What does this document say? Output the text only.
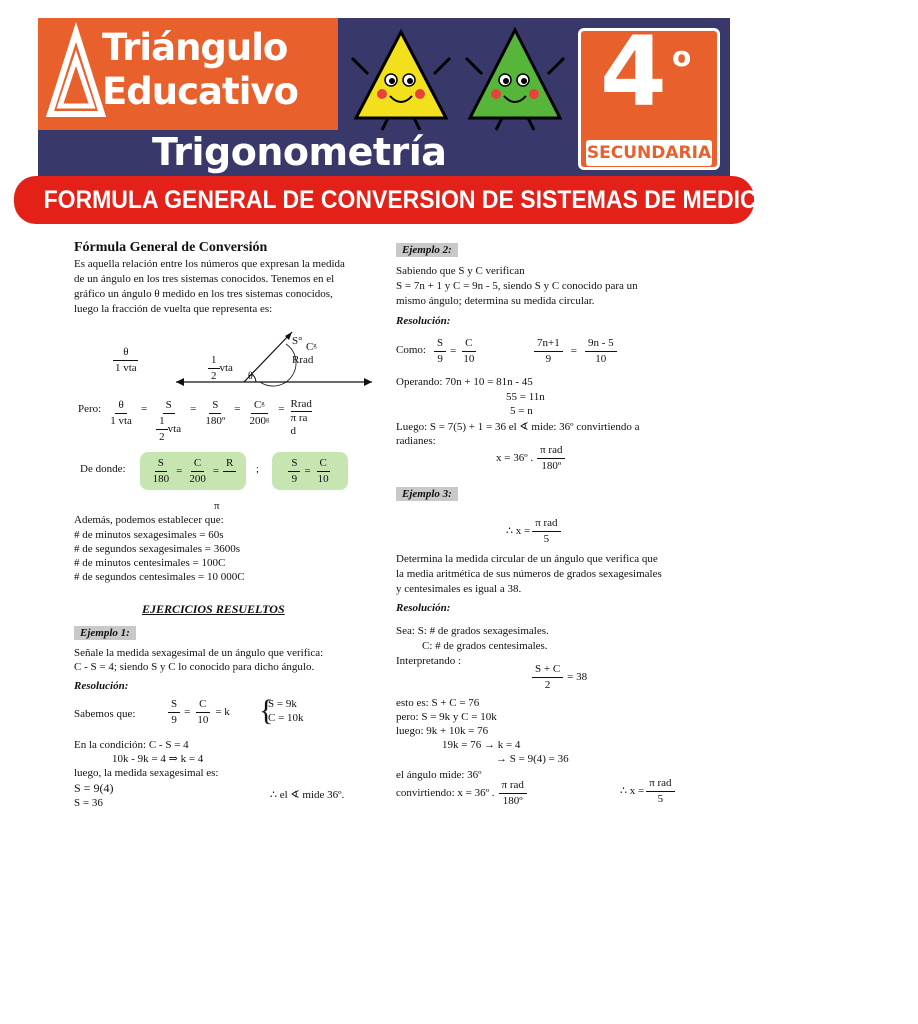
Triángulo
Educativo
Trigonometría
4 o
SECUNDARIA
FORMULA GENERAL DE CONVERSION DE SISTEMAS DE MEDICION ANGULAR
Fórmula General de Conversión
Es aquella relación entre los números que expresan la medida
de un ángulo en los tres sistemas conocidos. Tenemos en el
gráfico un ángulo θ medido en los tres sistemas conocidos,
luego la fracción de vuelta que representa es:
$\frac{\theta}{\text{1 vta}}$	$\frac{1}{2}$ vta
θ
S° Cᵍ
Rrad
Pero: $\frac{\theta}{\text{1 vta}} = \frac{S}{\frac{1}{2} vta} = \frac{S}{\text{180º}} = \frac{\text{Cᵍ}}{\text{200ᵍ}}$ = Rrad
π ra
d
De donde: $\frac{S}{180} = \frac{C}{200}$ =
R

;	$\frac{S}{9} = \frac{C}{10}$
π
Además, podemos establecer que:
# de minutos sexagesimales = 60s
# de segundos sexagesimales = 3600s
# de minutos centesimales = 100C
# de segundos centesimales = 10 000C
EJERCICIOS RESUELTOS
Ejemplo 1:
Señale la medida sexagesimal de un ángulo que verifica:
C - S = 4; siendo S y C lo conocido para dicho ángulo.
Resolución:
Sabemos que:	$\frac{S}{9} = \frac{C}{10} = k$ {
S = 9k
C = 10k
En la condición: C - S = 4
10k - 9k = 4 ⇒ k = 4
luego, la medida sexagesimal es:
S = 9(4)
S = 36
∴ el ∢ mide 36º.
Ejemplo 2:
Sabiendo que S y C verifican
S = 7n + 1 y C = 9n - 5, siendo S y C conocido para un
mismo ángulo; determina su medida circular.
Resolución:
Como: $\frac{S}{9} = \frac{C}{10}$	$\frac{7n+1}{9} = \frac{9n - 5}{10}$
Operando: 70n + 10 = 81n - 45
55 = 11n
5 = n
Luego: S = 7(5) + 1 = 36 el ∢ mide: 36º convirtiendo a
radianes:
x = 36º . $\frac{\text{π rad}}{\text{180º}}$
∴ $x = \frac{\text{π rad}}{5}$
Ejemplo 3:
Determina la medida circular de un ángulo que verifica que
la media aritmética de sus números de grados sexagesimales
y centesimales es igual a 38.
Resolución:
Sea: S: # de grados sexagesimales.
C: # de grados centesimales.
Interpretando :
$\frac{S + C}{2} = 38$
esto es: S + C = 76
pero: S = 9k y C = 10k
luego: 9k + 10k = 76
19k = 76 → k = 4
→ S = 9(4) = 36
el ángulo mide: 36º
convirtiendo: x = 36º . $\frac{\text{π rad}}{\text{180º}}$	∴ $x = \frac{\text{π rad}}{5}$
